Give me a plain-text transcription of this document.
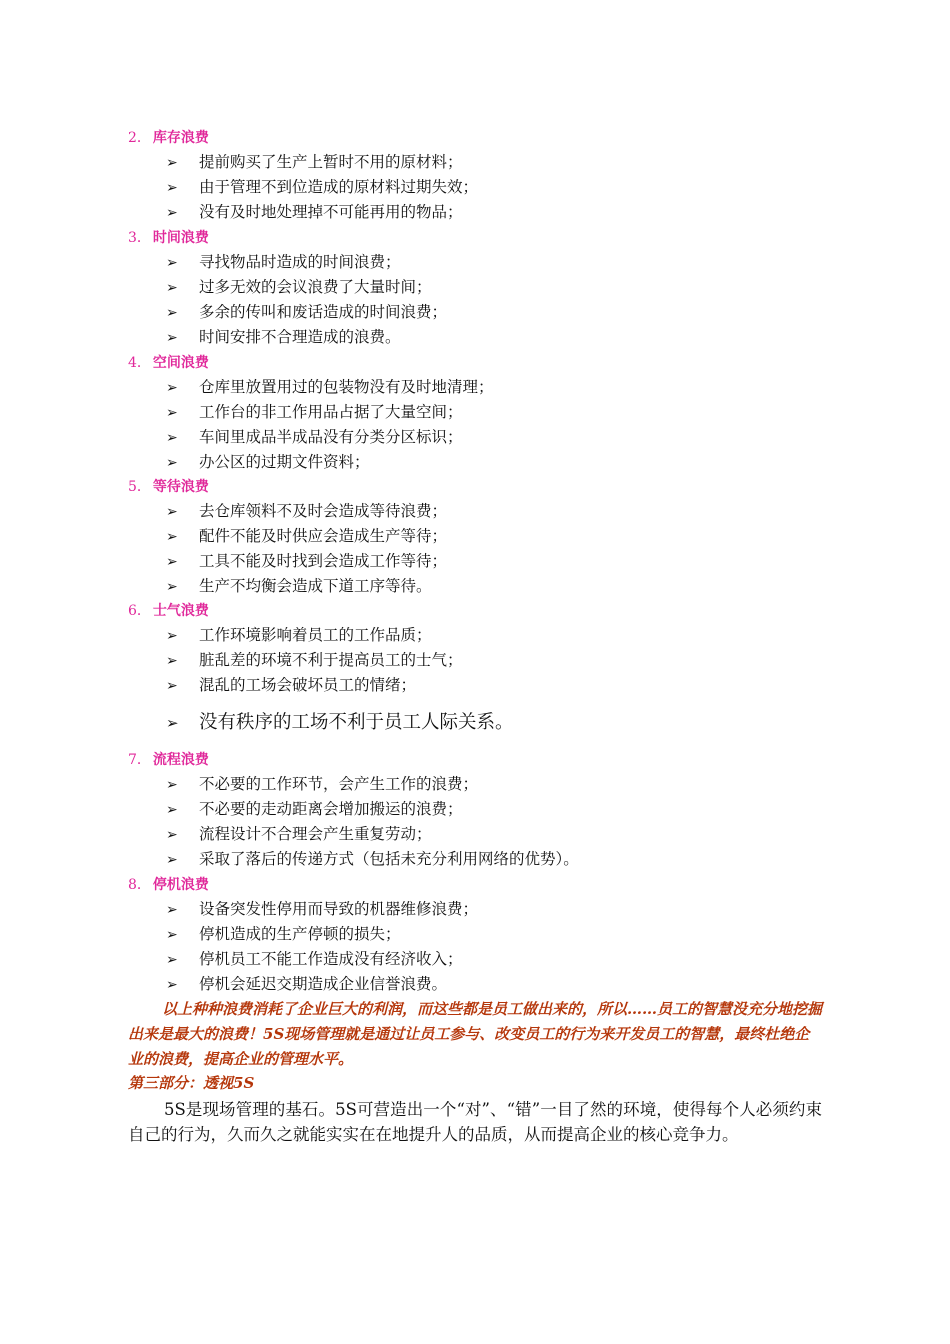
2． 库存浪费
➢ 提前购买了生产上暂时不用的原材料；
➢ 由于管理不到位造成的原材料过期失效；
➢ 没有及时地处理掉不可能再用的物品；
3． 时间浪费
➢ 寻找物品时造成的时间浪费；
➢ 过多无效的会议浪费了大量时间；
➢ 多余的传叫和废话造成的时间浪费；
➢ 时间安排不合理造成的浪费。
4． 空间浪费
➢ 仓库里放置用过的包装物没有及时地清理；
➢ 工作台的非工作用品占据了大量空间；
➢ 车间里成品半成品没有分类分区标识；
➢ 办公区的过期文件资料；
5． 等待浪费
➢ 去仓库领料不及时会造成等待浪费；
➢ 配件不能及时供应会造成生产等待；
➢ 工具不能及时找到会造成工作等待；
➢ 生产不均衡会造成下道工序等待。
6． 士气浪费
➢ 工作环境影响着员工的工作品质；
➢ 脏乱差的环境不利于提高员工的士气；
➢ 混乱的工场会破坏员工的情绪；
➢ 没有秩序的工场不利于员工人际关系。
7． 流程浪费
➢ 不必要的工作环节，会产生工作的浪费；
➢ 不必要的走动距离会增加搬运的浪费；
➢ 流程设计不合理会产生重复劳动；
➢ 采取了落后的传递方式（包括未充分利用网络的优势）。
8． 停机浪费
➢ 设备突发性停用而导致的机器维修浪费；
➢ 停机造成的生产停顿的损失；
➢ 停机员工不能工作造成没有经济收入；
➢ 停机会延迟交期造成企业信誉浪费。
以上种种浪费消耗了企业巨大的利润，而这些都是员工做出来的，所以……员工的智慧没充分地挖掘出来是最大的浪费！5S现场管理就是通过让员工参与、改变员工的行为来开发员工的智慧，最终杜绝企业的浪费，提高企业的管理水平。
第三部分：透视5S
5S是现场管理的基石。5S可营造出一个“对”、“错”一目了然的环境，使得每个人必须约束自己的行为，久而久之就能实实在在地提升人的品质，从而提高企业的核心竞争力。
